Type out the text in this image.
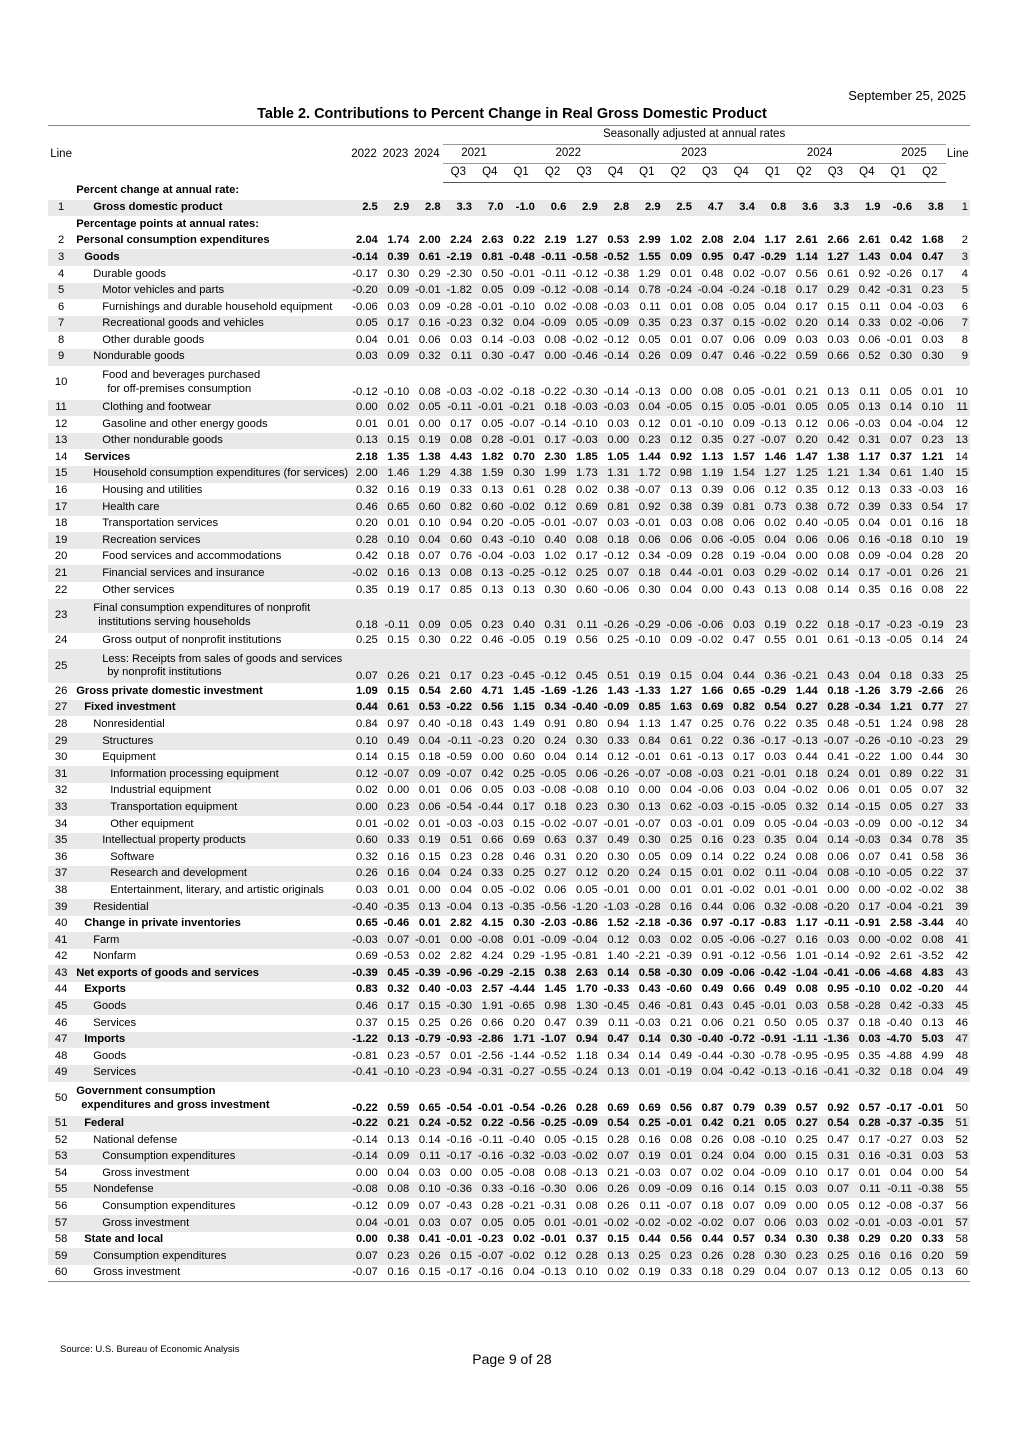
September 25, 2025
Table 2. Contributions to Percent Change in Real Gross Domestic Product
Line		2022	2023	2024	Seasonally adjusted at annual rates																Line
					2021		2022				2023				2024				2025		
					Q3	Q4	Q1	Q2	Q3	Q4	Q1	Q2	Q3	Q4	Q1	Q2	Q3	Q4	Q1	Q2	
	Percent change at annual rate:																				
1	Gross domestic product	2.5	2.9	2.8	3.3	7.0	-1.0	0.6	2.9	2.8	2.9	2.5	4.7	3.4	0.8	3.6	3.3	1.9	-0.6	3.8	1
	Percentage points at annual rates:																				
2	Personal consumption expenditures	2.04	1.74	2.00	2.24	2.63	0.22	2.19	1.27	0.53	2.99	1.02	2.08	2.04	1.17	2.61	2.66	2.61	0.42	1.68	2
3	Goods	-0.14	0.39	0.61	-2.19	0.81	-0.48	-0.11	-0.58	-0.52	1.55	0.09	0.95	0.47	-0.29	1.14	1.27	1.43	0.04	0.47	3
4	Durable goods	-0.17	0.30	0.29	-2.30	0.50	-0.01	-0.11	-0.12	-0.38	1.29	0.01	0.48	0.02	-0.07	0.56	0.61	0.92	-0.26	0.17	4
5	Motor vehicles and parts	-0.20	0.09	-0.01	-1.82	0.05	0.09	-0.12	-0.08	-0.14	0.78	-0.24	-0.04	-0.24	-0.18	0.17	0.29	0.42	-0.31	0.23	5
6	Furnishings and durable household equipment	-0.06	0.03	0.09	-0.28	-0.01	-0.10	0.02	-0.08	-0.03	0.11	0.01	0.08	0.05	0.04	0.17	0.15	0.11	0.04	-0.03	6
7	Recreational goods and vehicles	0.05	0.17	0.16	-0.23	0.32	0.04	-0.09	0.05	-0.09	0.35	0.23	0.37	0.15	-0.02	0.20	0.14	0.33	0.02	-0.06	7
8	Other durable goods	0.04	0.01	0.06	0.03	0.14	-0.03	0.08	-0.02	-0.12	0.05	0.01	0.07	0.06	0.09	0.03	0.03	0.06	-0.01	0.03	8
9	Nondurable goods	0.03	0.09	0.32	0.11	0.30	-0.47	0.00	-0.46	-0.14	0.26	0.09	0.47	0.46	-0.22	0.59	0.66	0.52	0.30	0.30	9
10	Food and beverages purchased
for off-premises consumption	-0.12	-0.10	0.08	-0.03	-0.02	-0.18	-0.22	-0.30	-0.14	-0.13	0.00	0.08	0.05	-0.01	0.21	0.13	0.11	0.05	0.01	10
11	Clothing and footwear	0.00	0.02	0.05	-0.11	-0.01	-0.21	0.18	-0.03	-0.03	0.04	-0.05	0.15	0.05	-0.01	0.05	0.05	0.13	0.14	0.10	11
12	Gasoline and other energy goods	0.01	0.01	0.00	0.17	0.05	-0.07	-0.14	-0.10	0.03	0.12	0.01	-0.10	0.09	-0.13	0.12	0.06	-0.03	0.04	-0.04	12
13	Other nondurable goods	0.13	0.15	0.19	0.08	0.28	-0.01	0.17	-0.03	0.00	0.23	0.12	0.35	0.27	-0.07	0.20	0.42	0.31	0.07	0.23	13
14	Services	2.18	1.35	1.38	4.43	1.82	0.70	2.30	1.85	1.05	1.44	0.92	1.13	1.57	1.46	1.47	1.38	1.17	0.37	1.21	14
15	Household consumption expenditures (for services)	2.00	1.46	1.29	4.38	1.59	0.30	1.99	1.73	1.31	1.72	0.98	1.19	1.54	1.27	1.25	1.21	1.34	0.61	1.40	15
16	Housing and utilities	0.32	0.16	0.19	0.33	0.13	0.61	0.28	0.02	0.38	-0.07	0.13	0.39	0.06	0.12	0.35	0.12	0.13	0.33	-0.03	16
17	Health care	0.46	0.65	0.60	0.82	0.60	-0.02	0.12	0.69	0.81	0.92	0.38	0.39	0.81	0.73	0.38	0.72	0.39	0.33	0.54	17
18	Transportation services	0.20	0.01	0.10	0.94	0.20	-0.05	-0.01	-0.07	0.03	-0.01	0.03	0.08	0.06	0.02	0.40	-0.05	0.04	0.01	0.16	18
19	Recreation services	0.28	0.10	0.04	0.60	0.43	-0.10	0.40	0.08	0.18	0.06	0.06	0.06	-0.05	0.04	0.06	0.06	0.16	-0.18	0.10	19
20	Food services and accommodations	0.42	0.18	0.07	0.76	-0.04	-0.03	1.02	0.17	-0.12	0.34	-0.09	0.28	0.19	-0.04	0.00	0.08	0.09	-0.04	0.28	20
21	Financial services and insurance	-0.02	0.16	0.13	0.08	0.13	-0.25	-0.12	0.25	0.07	0.18	0.44	-0.01	0.03	0.29	-0.02	0.14	0.17	-0.01	0.26	21
22	Other services	0.35	0.19	0.17	0.85	0.13	0.13	0.30	0.60	-0.06	0.30	0.04	0.00	0.43	0.13	0.08	0.14	0.35	0.16	0.08	22
23	Final consumption expenditures of nonprofit
institutions serving households	0.18	-0.11	0.09	0.05	0.23	0.40	0.31	0.11	-0.26	-0.29	-0.06	-0.06	0.03	0.19	0.22	0.18	-0.17	-0.23	-0.19	23
24	Gross output of nonprofit institutions	0.25	0.15	0.30	0.22	0.46	-0.05	0.19	0.56	0.25	-0.10	0.09	-0.02	0.47	0.55	0.01	0.61	-0.13	-0.05	0.14	24
25	Less: Receipts from sales of goods and services
by nonprofit institutions	0.07	0.26	0.21	0.17	0.23	-0.45	-0.12	0.45	0.51	0.19	0.15	0.04	0.44	0.36	-0.21	0.43	0.04	0.18	0.33	25
26	Gross private domestic investment	1.09	0.15	0.54	2.60	4.71	1.45	-1.69	-1.26	1.43	-1.33	1.27	1.66	0.65	-0.29	1.44	0.18	-1.26	3.79	-2.66	26
27	Fixed investment	0.44	0.61	0.53	-0.22	0.56	1.15	0.34	-0.40	-0.09	0.85	1.63	0.69	0.82	0.54	0.27	0.28	-0.34	1.21	0.77	27
28	Nonresidential	0.84	0.97	0.40	-0.18	0.43	1.49	0.91	0.80	0.94	1.13	1.47	0.25	0.76	0.22	0.35	0.48	-0.51	1.24	0.98	28
29	Structures	0.10	0.49	0.04	-0.11	-0.23	0.20	0.24	0.30	0.33	0.84	0.61	0.22	0.36	-0.17	-0.13	-0.07	-0.26	-0.10	-0.23	29
30	Equipment	0.14	0.15	0.18	-0.59	0.00	0.60	0.04	0.14	0.12	-0.01	0.61	-0.13	0.17	0.03	0.44	0.41	-0.22	1.00	0.44	30
31	Information processing equipment	0.12	-0.07	0.09	-0.07	0.42	0.25	-0.05	0.06	-0.26	-0.07	-0.08	-0.03	0.21	-0.01	0.18	0.24	0.01	0.89	0.22	31
32	Industrial equipment	0.02	0.00	0.01	0.06	0.05	0.03	-0.08	-0.08	0.10	0.00	0.04	-0.06	0.03	0.04	-0.02	0.06	0.01	0.05	0.07	32
33	Transportation equipment	0.00	0.23	0.06	-0.54	-0.44	0.17	0.18	0.23	0.30	0.13	0.62	-0.03	-0.15	-0.05	0.32	0.14	-0.15	0.05	0.27	33
34	Other equipment	0.01	-0.02	0.01	-0.03	-0.03	0.15	-0.02	-0.07	-0.01	-0.07	0.03	-0.01	0.09	0.05	-0.04	-0.03	-0.09	0.00	-0.12	34
35	Intellectual property products	0.60	0.33	0.19	0.51	0.66	0.69	0.63	0.37	0.49	0.30	0.25	0.16	0.23	0.35	0.04	0.14	-0.03	0.34	0.78	35
36	Software	0.32	0.16	0.15	0.23	0.28	0.46	0.31	0.20	0.30	0.05	0.09	0.14	0.22	0.24	0.08	0.06	0.07	0.41	0.58	36
37	Research and development	0.26	0.16	0.04	0.24	0.33	0.25	0.27	0.12	0.20	0.24	0.15	0.01	0.02	0.11	-0.04	0.08	-0.10	-0.05	0.22	37
38	Entertainment, literary, and artistic originals	0.03	0.01	0.00	0.04	0.05	-0.02	0.06	0.05	-0.01	0.00	0.01	0.01	-0.02	0.01	-0.01	0.00	0.00	-0.02	-0.02	38
39	Residential	-0.40	-0.35	0.13	-0.04	0.13	-0.35	-0.56	-1.20	-1.03	-0.28	0.16	0.44	0.06	0.32	-0.08	-0.20	0.17	-0.04	-0.21	39
40	Change in private inventories	0.65	-0.46	0.01	2.82	4.15	0.30	-2.03	-0.86	1.52	-2.18	-0.36	0.97	-0.17	-0.83	1.17	-0.11	-0.91	2.58	-3.44	40
41	Farm	-0.03	0.07	-0.01	0.00	-0.08	0.01	-0.09	-0.04	0.12	0.03	0.02	0.05	-0.06	-0.27	0.16	0.03	0.00	-0.02	0.08	41
42	Nonfarm	0.69	-0.53	0.02	2.82	4.24	0.29	-1.95	-0.81	1.40	-2.21	-0.39	0.91	-0.12	-0.56	1.01	-0.14	-0.92	2.61	-3.52	42
43	Net exports of goods and services	-0.39	0.45	-0.39	-0.96	-0.29	-2.15	0.38	2.63	0.14	0.58	-0.30	0.09	-0.06	-0.42	-1.04	-0.41	-0.06	-4.68	4.83	43
44	Exports	0.83	0.32	0.40	-0.03	2.57	-4.44	1.45	1.70	-0.33	0.43	-0.60	0.49	0.66	0.49	0.08	0.95	-0.10	0.02	-0.20	44
45	Goods	0.46	0.17	0.15	-0.30	1.91	-0.65	0.98	1.30	-0.45	0.46	-0.81	0.43	0.45	-0.01	0.03	0.58	-0.28	0.42	-0.33	45
46	Services	0.37	0.15	0.25	0.26	0.66	0.20	0.47	0.39	0.11	-0.03	0.21	0.06	0.21	0.50	0.05	0.37	0.18	-0.40	0.13	46
47	Imports	-1.22	0.13	-0.79	-0.93	-2.86	1.71	-1.07	0.94	0.47	0.14	0.30	-0.40	-0.72	-0.91	-1.11	-1.36	0.03	-4.70	5.03	47
48	Goods	-0.81	0.23	-0.57	0.01	-2.56	-1.44	-0.52	1.18	0.34	0.14	0.49	-0.44	-0.30	-0.78	-0.95	-0.95	0.35	-4.88	4.99	48
49	Services	-0.41	-0.10	-0.23	-0.94	-0.31	-0.27	-0.55	-0.24	0.13	0.01	-0.19	0.04	-0.42	-0.13	-0.16	-0.41	-0.32	0.18	0.04	49
50	Government consumption
expenditures and gross investment	-0.22	0.59	0.65	-0.54	-0.01	-0.54	-0.26	0.28	0.69	0.69	0.56	0.87	0.79	0.39	0.57	0.92	0.57	-0.17	-0.01	50
51	Federal	-0.22	0.21	0.24	-0.52	0.22	-0.56	-0.25	-0.09	0.54	0.25	-0.01	0.42	0.21	0.05	0.27	0.54	0.28	-0.37	-0.35	51
52	National defense	-0.14	0.13	0.14	-0.16	-0.11	-0.40	0.05	-0.15	0.28	0.16	0.08	0.26	0.08	-0.10	0.25	0.47	0.17	-0.27	0.03	52
53	Consumption expenditures	-0.14	0.09	0.11	-0.17	-0.16	-0.32	-0.03	-0.02	0.07	0.19	0.01	0.24	0.04	0.00	0.15	0.31	0.16	-0.31	0.03	53
54	Gross investment	0.00	0.04	0.03	0.00	0.05	-0.08	0.08	-0.13	0.21	-0.03	0.07	0.02	0.04	-0.09	0.10	0.17	0.01	0.04	0.00	54
55	Nondefense	-0.08	0.08	0.10	-0.36	0.33	-0.16	-0.30	0.06	0.26	0.09	-0.09	0.16	0.14	0.15	0.03	0.07	0.11	-0.11	-0.38	55
56	Consumption expenditures	-0.12	0.09	0.07	-0.43	0.28	-0.21	-0.31	0.08	0.26	0.11	-0.07	0.18	0.07	0.09	0.00	0.05	0.12	-0.08	-0.37	56
57	Gross investment	0.04	-0.01	0.03	0.07	0.05	0.05	0.01	-0.01	-0.02	-0.02	-0.02	-0.02	0.07	0.06	0.03	0.02	-0.01	-0.03	-0.01	57
58	State and local	0.00	0.38	0.41	-0.01	-0.23	0.02	-0.01	0.37	0.15	0.44	0.56	0.44	0.57	0.34	0.30	0.38	0.29	0.20	0.33	58
59	Consumption expenditures	0.07	0.23	0.26	0.15	-0.07	-0.02	0.12	0.28	0.13	0.25	0.23	0.26	0.28	0.30	0.23	0.25	0.16	0.16	0.20	59
60	Gross investment	-0.07	0.16	0.15	-0.17	-0.16	0.04	-0.13	0.10	0.02	0.19	0.33	0.18	0.29	0.04	0.07	0.13	0.12	0.05	0.13	60
Source: U.S. Bureau of Economic Analysis
Page 9 of 28
